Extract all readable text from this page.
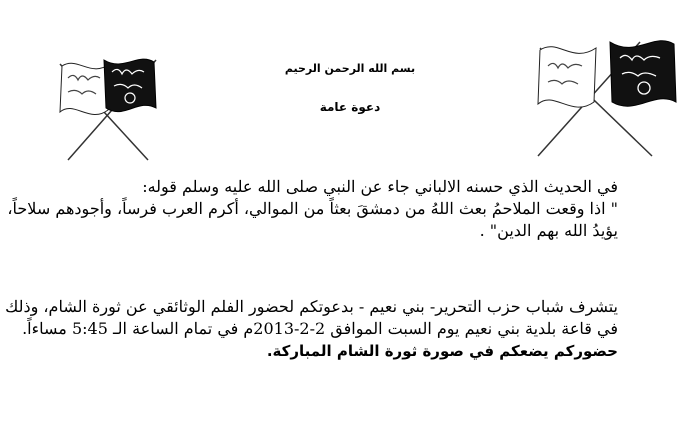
بسم الله الرحمن الرحيم
دعوة عامة
في الحديث الذي حسنه الالباني جاء عن النبي صلى الله عليه وسلم قوله:
" اذا وقعت الملاحمُ بعث اللهُ من دمشقَ بعثاً من الموالي، أكرم العرب فرساً، وأجودهم سلاحاً،
يؤيدُ الله بهم الدين" .
يتشرف شباب حزب التحرير- بني نعيم - بدعوتكم لحضور الفلم الوثائقي عن ثورة الشام، وذلك
في قاعة بلدية بني نعيم يوم السبت الموافق 2-2-2013م في تمام الساعة الـ 5:45 مساءاً.
حضوركم يضعكم في صورة ثورة الشام المباركة.
